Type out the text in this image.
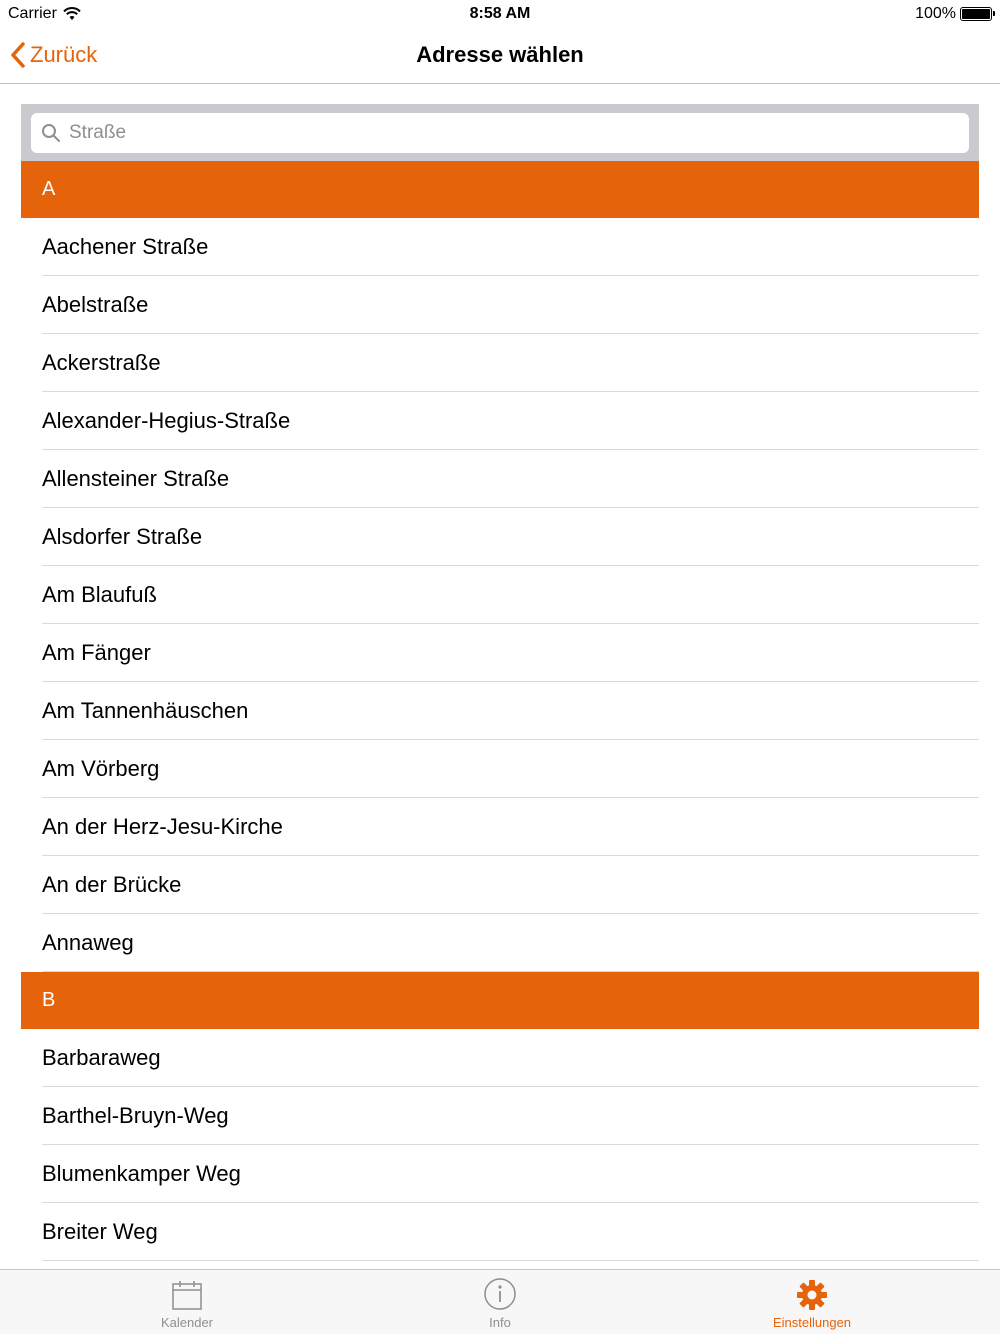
Carrier	8:58 AM	100%
Zurück	Adresse wählen
Straße
A
Aachener Straße
Abelstraße
Ackerstraße
Alexander-Hegius-Straße
Allensteiner Straße
Alsdorfer Straße
Am Blaufuß
Am Fänger
Am Tannenhäuschen
Am Vörberg
An der Herz-Jesu-Kirche
An der Brücke
Annaweg
B
Barbaraweg
Barthel-Bruyn-Weg
Blumenkamper Weg
Breiter Weg
Kalender	Info	Einstellungen
